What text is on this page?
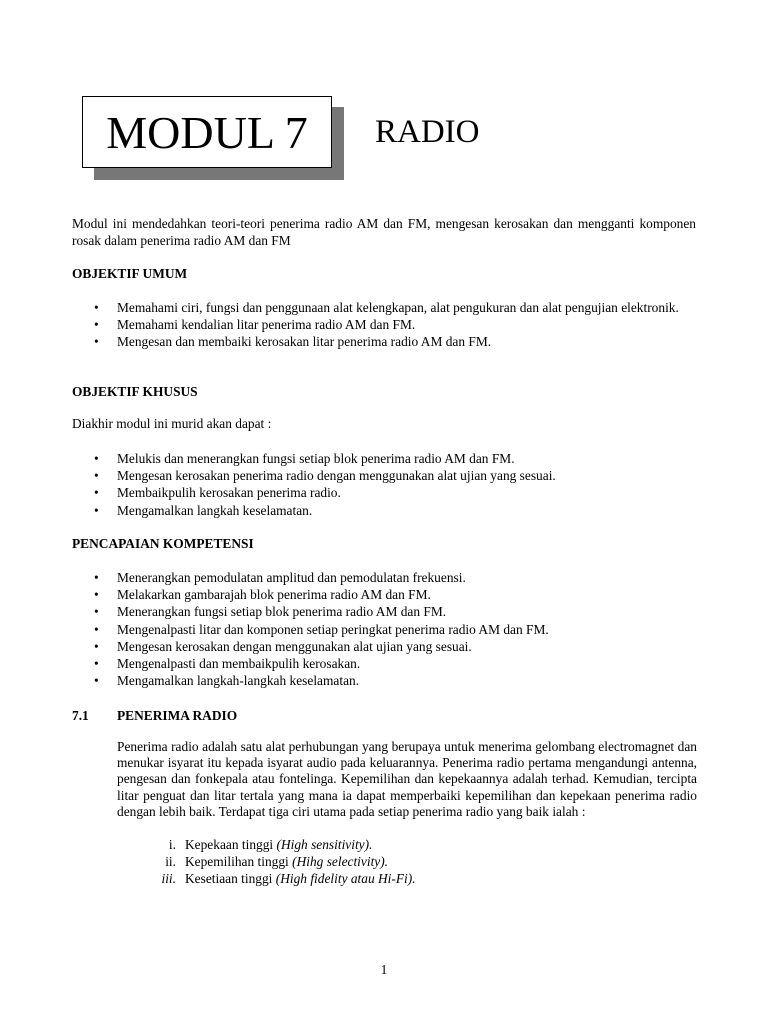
MODUL 7	RADIO
Modul ini mendedahkan teori-teori penerima radio AM dan FM, mengesan kerosakan dan mengganti komponen rosak dalam penerima radio AM dan FM
OBJEKTIF UMUM
• Memahami ciri, fungsi dan penggunaan alat kelengkapan, alat pengukuran dan alat pengujian elektronik.
• Memahami kendalian litar penerima radio AM dan FM.
• Mengesan dan membaiki kerosakan litar penerima radio AM dan FM.
OBJEKTIF KHUSUS
Diakhir modul ini murid akan dapat :
• Melukis dan menerangkan fungsi setiap blok penerima radio AM dan FM.
• Mengesan kerosakan penerima radio dengan menggunakan alat ujian yang sesuai.
• Membaikpulih kerosakan penerima radio.
• Mengamalkan langkah keselamatan.
PENCAPAIAN KOMPETENSI
• Menerangkan pemodulatan amplitud dan pemodulatan frekuensi.
• Melakarkan gambarajah blok penerima radio AM dan FM.
• Menerangkan fungsi setiap blok penerima radio AM dan FM.
• Mengenalpasti litar dan komponen setiap peringkat penerima radio AM dan FM.
• Mengesan kerosakan dengan menggunakan alat ujian yang sesuai.
• Mengenalpasti dan membaikpulih kerosakan.
• Mengamalkan langkah-langkah keselamatan.
7.1 PENERIMA RADIO
Penerima radio adalah satu alat perhubungan yang berupaya untuk menerima gelombang electromagnet dan menukar isyarat itu kepada isyarat audio pada keluarannya. Penerima radio pertama mengandungi antenna, pengesan dan fonkepala atau fontelinga. Kepemilihan dan kepekaannya adalah terhad. Kemudian, tercipta litar penguat dan litar tertala yang mana ia dapat memperbaiki kepemilihan dan kepekaan penerima radio dengan lebih baik. Terdapat tiga ciri utama pada setiap penerima radio yang baik ialah :
i. Kepekaan tinggi (High sensitivity).
ii. Kepemilihan tinggi (Hihg selectivity).
iii. Kesetiaan tinggi (High fidelity atau Hi-Fi).
1
